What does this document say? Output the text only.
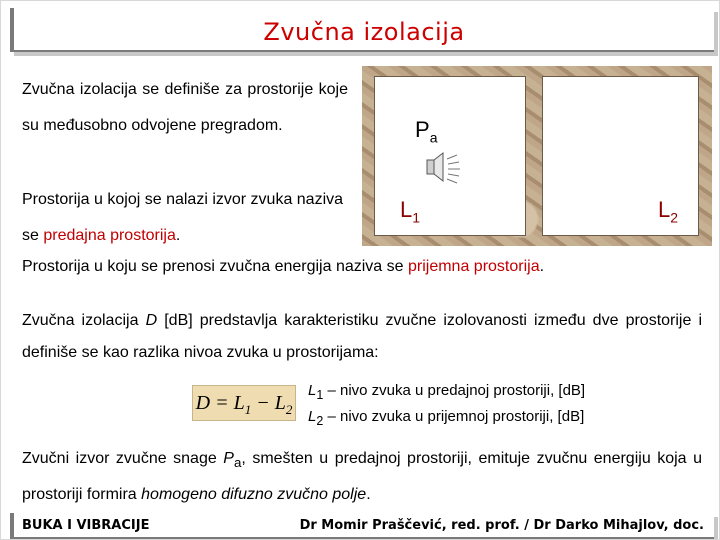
Zvučna izolacija

Zvučna izolacija se definiše za prostorije koje su međusobno odvojene pregradom.

Prostorija u kojoj se nalazi izvor zvuka naziva se predajna prostorija.

$P_a$
$L_1$	$L_2$

Prostorija u koju se prenosi zvučna energija naziva se prijemna prostorija.

Zvučna izolacija D [dB] predstavlja karakteristiku zvučne izolovanosti između dve prostorije i definiše se kao razlika nivoa zvuka u prostorijama:

$D = L_1 - L_2$
$L_1$ – nivo zvuka u predajnoj prostoriji, [dB]
$L_2$ – nivo zvuka u prijemnoj prostoriji, [dB]

Zvučni izvor zvučne snage $P_a$, smešten u predajnoj prostoriji, emituje zvučnu energiju koja u prostoriji formira homogeno difuzno zvučno polje.

BUKA I VIBRACIJE	Dr Momir Praščević, red. prof. / Dr Darko Mihajlov, doc.
